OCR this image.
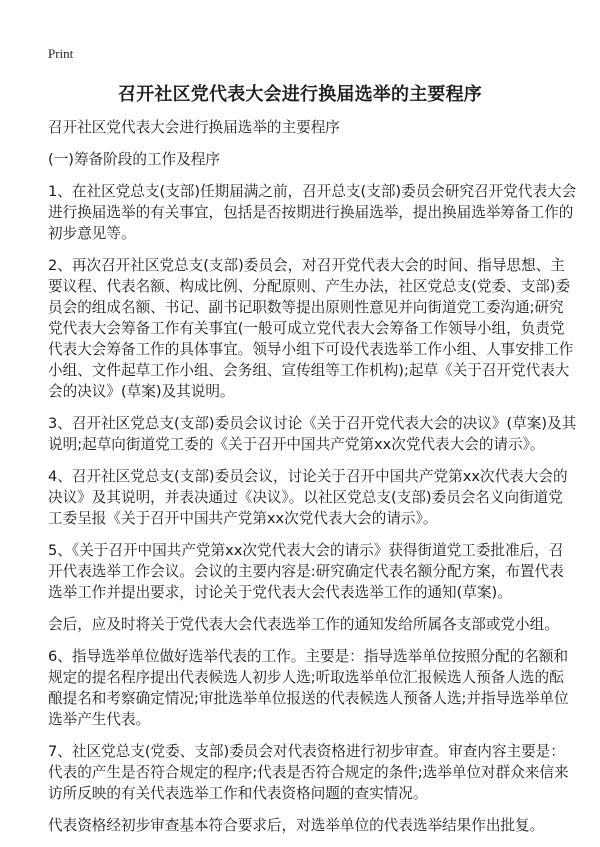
Print
召开社区党代表大会进行换届选举的主要程序
召开社区党代表大会进行换届选举的主要程序
(一)筹备阶段的工作及程序
1、在社区党总支(支部)任期届满之前，召开总支(支部)委员会研究召开党代表大会
进行换届选举的有关事宜，包括是否按期进行换届选举，提出换届选举筹备工作的
初步意见等。
2、再次召开社区党总支(支部)委员会，对召开党代表大会的时间、指导思想、主
要议程、代表名额、构成比例、分配原则、产生办法，社区党总支(党委、支部)委
员会的组成名额、书记、副书记职数等提出原则性意见并向街道党工委沟通;研究
党代表大会筹备工作有关事宜(一般可成立党代表大会筹备工作领导小组，负责党
代表大会筹备工作的具体事宜。领导小组下可设代表选举工作小组、人事安排工作
小组、文件起草工作小组、会务组、宣传组等工作机构);起草《关于召开党代表大
会的决议》(草案)及其说明。
3、召开社区党总支(支部)委员会议讨论《关于召开党代表大会的决议》(草案)及其
说明;起草向街道党工委的《关于召开中国共产党第xx次党代表大会的请示》。
4、召开社区党总支(支部)委员会议，讨论关于召开中国共产党第xx次代表大会的
决议》及其说明，并表决通过《决议》。以社区党总支(支部)委员会名义向街道党
工委呈报《关于召开中国共产党第xx次党代表大会的请示》。
5、《关于召开中国共产党第xx次党代表大会的请示》获得街道党工委批准后，召
开代表选举工作会议。会议的主要内容是:研究确定代表名额分配方案，布置代表
选举工作并提出要求，讨论关于党代表大会代表选举工作的通知(草案)。
会后，应及时将关于党代表大会代表选举工作的通知发给所属各支部或党小组。
6、指导选举单位做好选举代表的工作。主要是：指导选举单位按照分配的名额和
规定的提名程序提出代表候选人初步人选;听取选举单位汇报候选人预备人选的酝
酿提名和考察确定情况;审批选举单位报送的代表候选人预备人选;并指导选举单位
选举产生代表。
7、社区党总支(党委、支部)委员会对代表资格进行初步审查。审查内容主要是：
代表的产生是否符合规定的程序;代表是否符合规定的条件;选举单位对群众来信来
访所反映的有关代表选举工作和代表资格问题的查实情况。
代表资格经初步审查基本符合要求后，对选举单位的代表选举结果作出批复。
